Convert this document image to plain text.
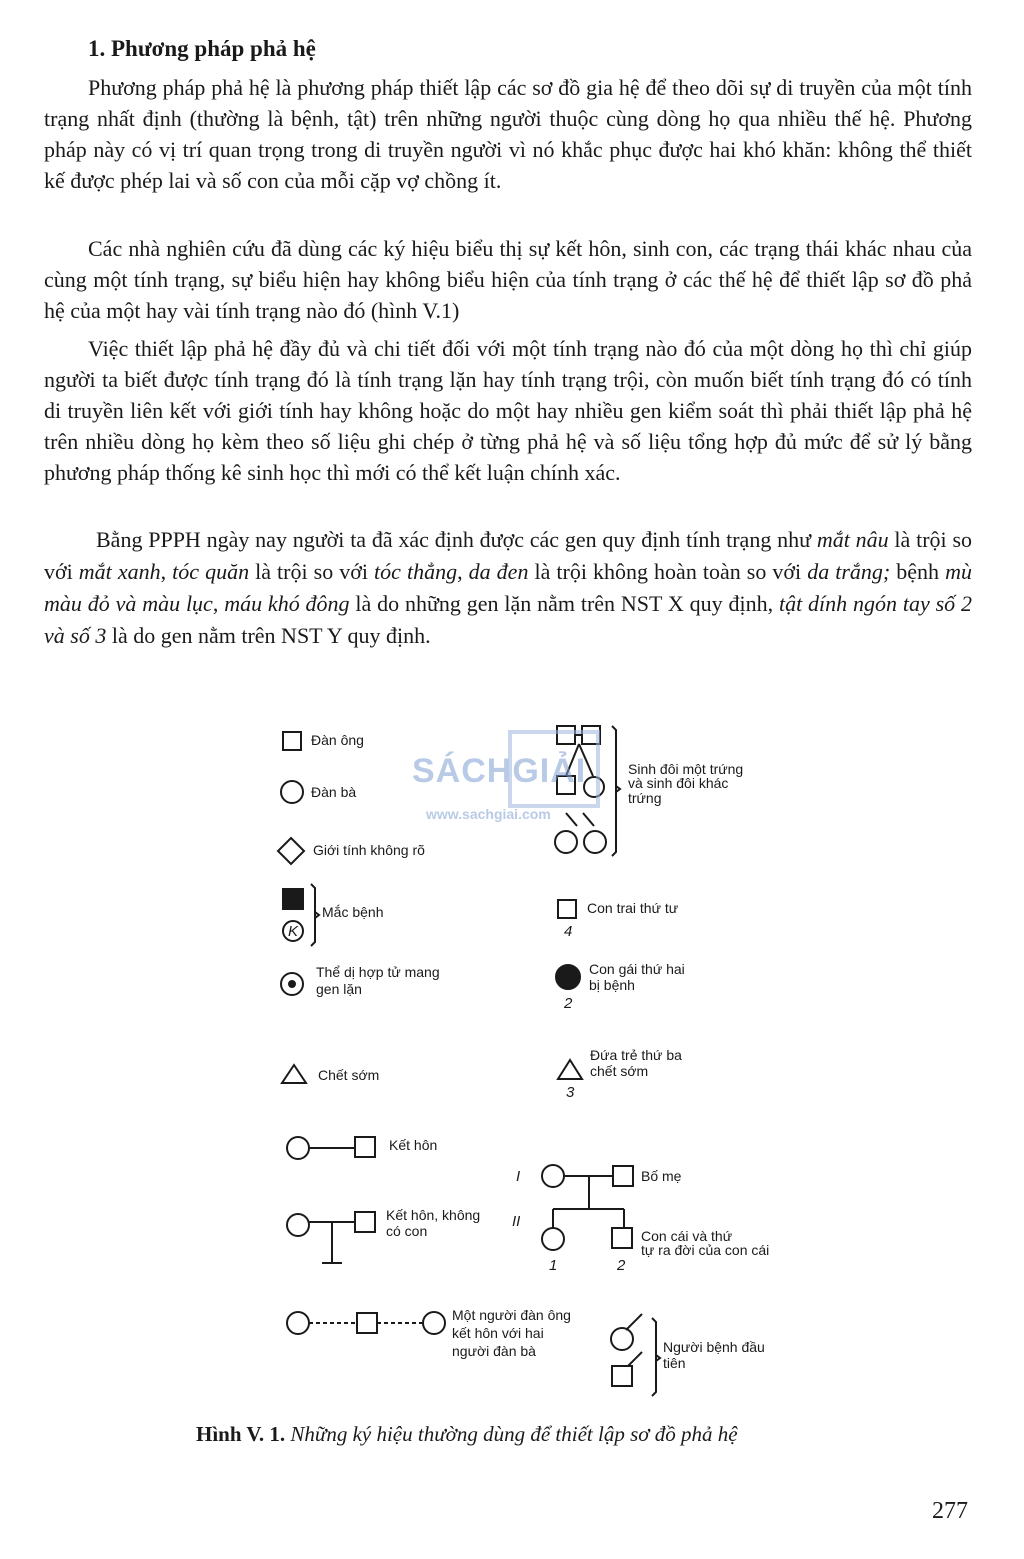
1. Phương pháp phả hệ

Phương pháp phả hệ là phương pháp thiết lập các sơ đồ gia hệ để theo dõi sự di truyền của một tính trạng nhất định (thường là bệnh, tật) trên những người thuộc cùng dòng họ qua nhiều thế hệ. Phương pháp này có vị trí quan trọng trong di truyền người vì nó khắc phục được hai khó khăn: không thể thiết kế được phép lai và số con của mỗi cặp vợ chồng ít.

Các nhà nghiên cứu đã dùng các ký hiệu biểu thị sự kết hôn, sinh con, các trạng thái khác nhau của cùng một tính trạng, sự biểu hiện hay không biểu hiện của tính trạng ở các thế hệ để thiết lập sơ đồ phả hệ của một hay vài tính trạng nào đó (hình V.1)

Việc thiết lập phả hệ đầy đủ và chi tiết đối với một tính trạng nào đó của một dòng họ thì chỉ giúp người ta biết được tính trạng đó là tính trạng lặn hay tính trạng trội, còn muốn biết tính trạng đó có tính di truyền liên kết với giới tính hay không hoặc do một hay nhiều gen kiểm soát thì phải thiết lập phả hệ trên nhiều dòng họ kèm theo số liệu ghi chép ở từng phả hệ và số liệu tổng hợp đủ mức để sử lý bằng phương pháp thống kê sinh học thì mới có thể kết luận chính xác.

Bằng PPPH ngày nay người ta đã xác định được các gen quy định tính trạng như mắt nâu là trội so với mắt xanh, tóc quăn là trội so với tóc thẳng, da đen là trội không hoàn toàn so với da trắng; bệnh mù màu đỏ và màu lục, máu khó đông là do những gen lặn nằm trên NST X quy định, tật dính ngón tay số 2 và số 3 là do gen nằm trên NST Y quy định.

Đàn ông
Đàn bà
Giới tính không rõ
K
Mắc bệnh
Thể dị hợp tử mang
gen lặn
Chết sớm
Kết hôn
Kết hôn, không
có con
Một người đàn ông
kết hôn với hai
người đàn bà
Sinh đôi một trứng
và sinh đôi khác
trứng
4
Con trai thứ tư
2
Con gái thứ hai
bị bệnh
3
Đứa trẻ thứ ba
chết sớm
I
II
Bố mẹ
1	2
Con cái và thứ
tự ra đời của con cái
Người bệnh đầu
tiên
SÁCHGIẢI
www.sachgiai.com
Hình V. 1. Những ký hiệu thường dùng để thiết lập sơ đồ phả hệ
277
